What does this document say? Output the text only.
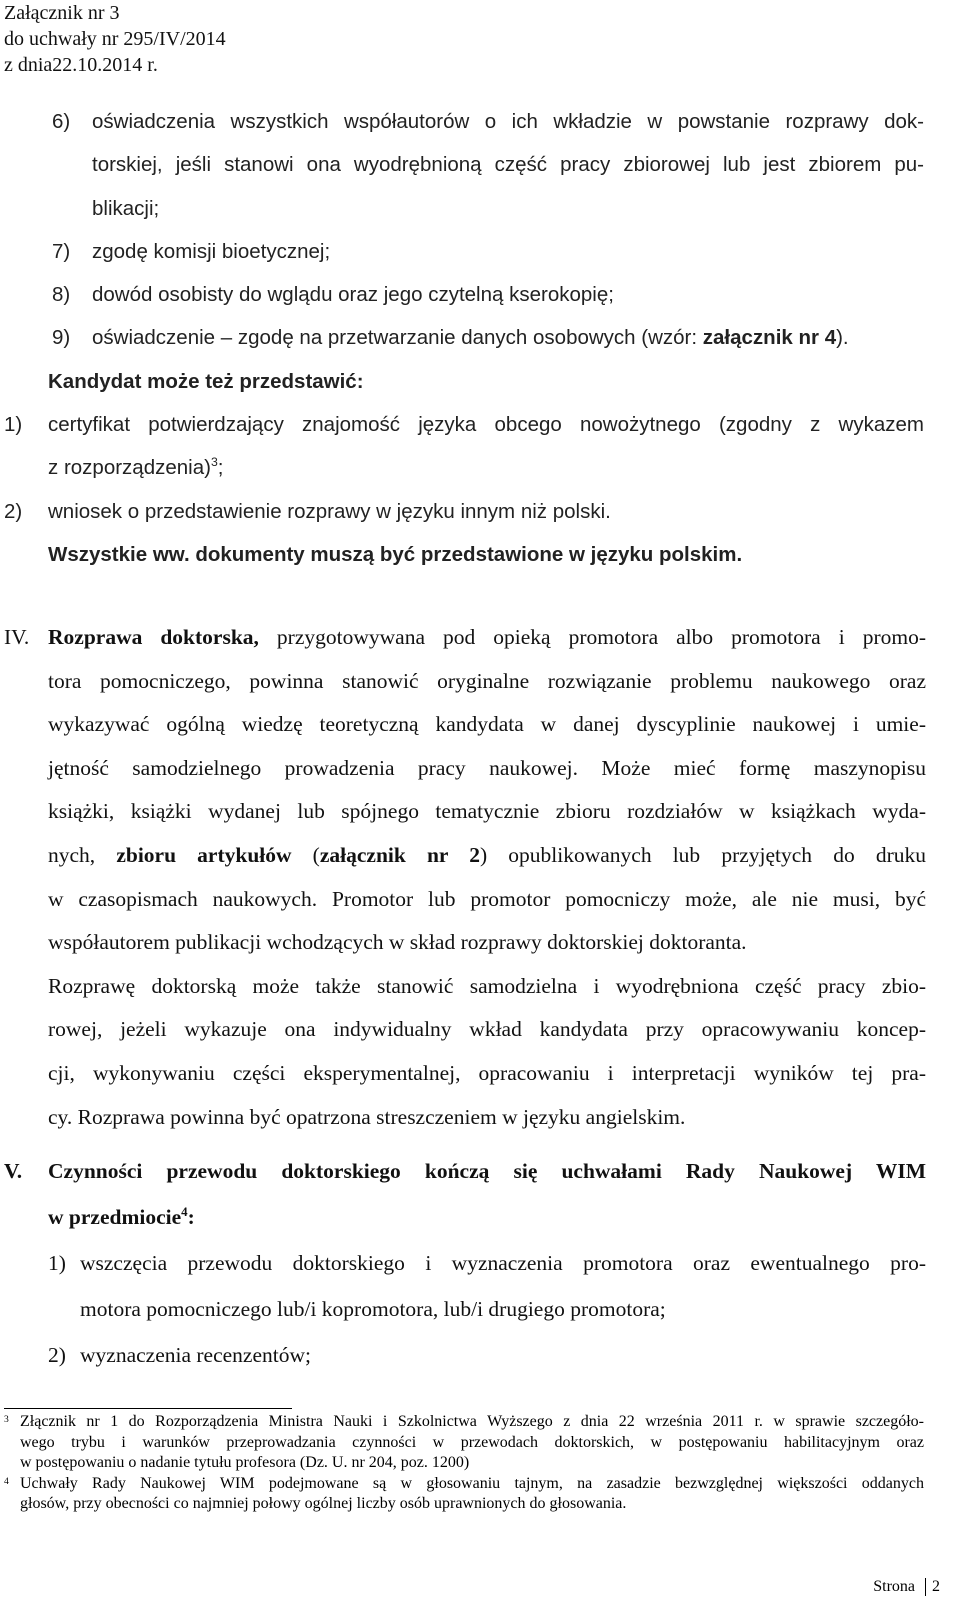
Załącznik nr 3
do uchwały nr 295/IV/2014
z dnia22.10.2014 r.
6) oświadczenia wszystkich współautorów o ich wkładzie w powstanie rozprawy dok-
torskiej, jeśli stanowi ona wyodrębnioną część pracy zbiorowej lub jest zbiorem pu-
blikacji;
7) zgodę komisji bioetycznej;
8) dowód osobisty do wglądu oraz jego czytelną kserokopię;
9) oświadczenie – zgodę na przetwarzanie danych osobowych (wzór: załącznik nr 4).
Kandydat może też przedstawić:
1) certyfikat potwierdzający znajomość języka obcego nowożytnego (zgodny z wykazem
z rozporządzenia)$^3$;
2) wniosek o przedstawienie rozprawy w języku innym niż polski.
Wszystkie ww. dokumenty muszą być przedstawione w języku polskim.
IV. Rozprawa doktorska, przygotowywana pod opieką promotora albo promotora i promo-
tora pomocniczego, powinna stanowić oryginalne rozwiązanie problemu naukowego oraz
wykazywać ogólną wiedzę teoretyczną kandydata w danej dyscyplinie naukowej i umie-
jętność samodzielnego prowadzenia pracy naukowej. Może mieć formę maszynopisu
książki, książki wydanej lub spójnego tematycznie zbioru rozdziałów w książkach wyda-
nych, zbioru artykułów (załącznik nr 2) opublikowanych lub przyjętych do druku
w czasopismach naukowych. Promotor lub promotor pomocniczy może, ale nie musi, być
współautorem publikacji wchodzących w skład rozprawy doktorskiej doktoranta.
Rozprawę doktorską może także stanowić samodzielna i wyodrębniona część pracy zbio-
rowej, jeżeli wykazuje ona indywidualny wkład kandydata przy opracowywaniu koncep-
cji, wykonywaniu części eksperymentalnej, opracowaniu i interpretacji wyników tej pra-
cy. Rozprawa powinna być opatrzona streszczeniem w języku angielskim.
V. Czynności przewodu doktorskiego kończą się uchwałami Rady Naukowej WIM
w przedmiocie$^4$:
1) wszczęcia przewodu doktorskiego i wyznaczenia promotora oraz ewentualnego pro-
motora pomocniczego lub/i kopromotora, lub/i drugiego promotora;
2) wyznaczenia recenzentów;
3 Złącznik nr 1 do Rozporządzenia Ministra Nauki i Szkolnictwa Wyższego z dnia 22 września 2011 r. w sprawie szczegóło-
wego trybu i warunków przeprowadzania czynności w przewodach doktorskich, w postępowaniu habilitacyjnym oraz
w postępowaniu o nadanie tytułu profesora (Dz. U. nr 204, poz. 1200)
4 Uchwały Rady Naukowej WIM podejmowane są w głosowaniu tajnym, na zasadzie bezwzględnej większości oddanych
głosów, przy obecności co najmniej połowy ogólnej liczby osób uprawnionych do głosowania.
Strona	2
